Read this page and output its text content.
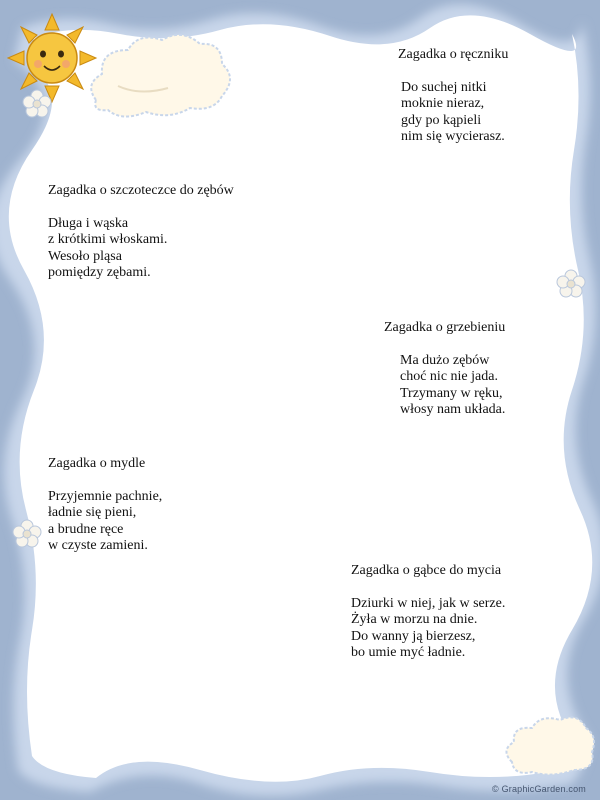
Zagadka o ręczniku
Do suchej nitki
moknie nieraz,
gdy po kąpieli
nim się wycierasz.
Zagadka o szczoteczce do zębów
Długa i wąska
z krótkimi włoskami.
Wesoło pląsa
pomiędzy zębami.
Zagadka o grzebieniu
Ma dużo zębów
choć nic nie jada.
Trzymany w ręku,
włosy nam układa.
Zagadka o mydle
Przyjemnie pachnie,
ładnie się pieni,
a brudne ręce
w czyste zamieni.
Zagadka o gąbce do mycia
Dziurki w niej, jak w serze.
Żyła w morzu na dnie.
Do wanny ją bierzesz,
bo umie myć ładnie.
© GraphicGarden.com
